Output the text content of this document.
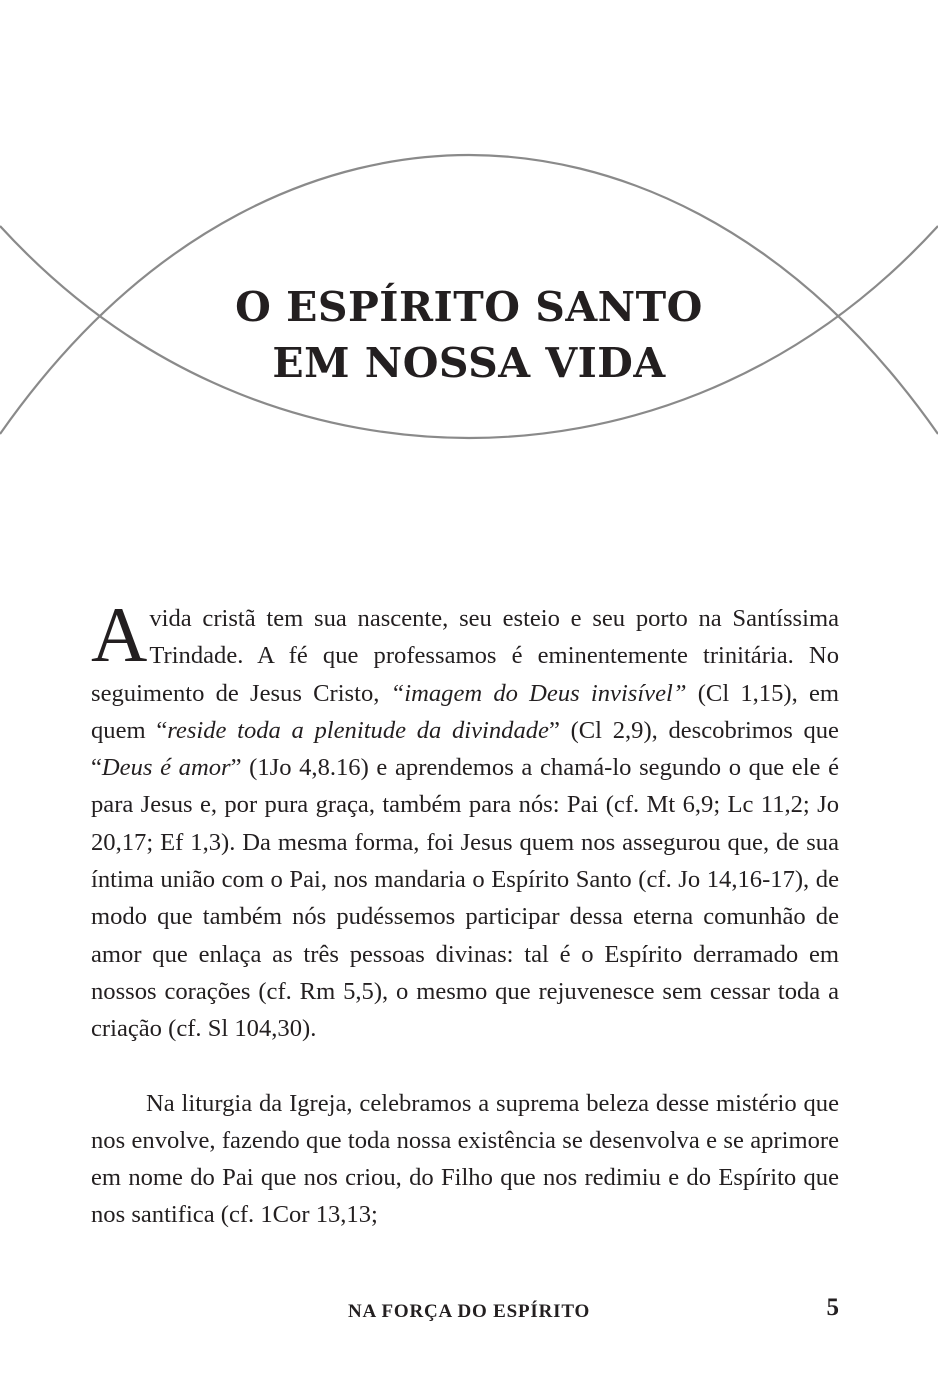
O ESPÍRITO SANTO
EM NOSSA VIDA

A vida cristã tem sua nascente, seu esteio e seu porto na Santíssima Trindade. A fé que professamos é eminentemente trinitária. No seguimento de Jesus Cristo, “imagem do Deus invisível” (Cl 1,15), em quem “reside toda a plenitude da divindade” (Cl 2,9), descobrimos que “Deus é amor” (1Jo 4,8.16) e aprendemos a chamá-lo segundo o que ele é para Jesus e, por pura graça, também para nós: Pai (cf. Mt 6,9; Lc 11,2; Jo 20,17; Ef 1,3). Da mesma forma, foi Jesus quem nos assegurou que, de sua íntima união com o Pai, nos mandaria o Espírito Santo (cf. Jo 14,16-17), de modo que também nós pudéssemos participar dessa eterna comunhão de amor que enlaça as três pessoas divinas: tal é o Espírito derramado em nossos corações (cf. Rm 5,5), o mesmo que rejuvenesce sem cessar toda a criação (cf. Sl 104,30).

Na liturgia da Igreja, celebramos a suprema beleza desse mistério que nos envolve, fazendo que toda nossa existência se desenvolva e se aprimore em nome do Pai que nos criou, do Filho que nos redimiu e do Espírito que nos santifica (cf. 1Cor 13,13;

NA FORÇA DO ESPÍRITO	5
